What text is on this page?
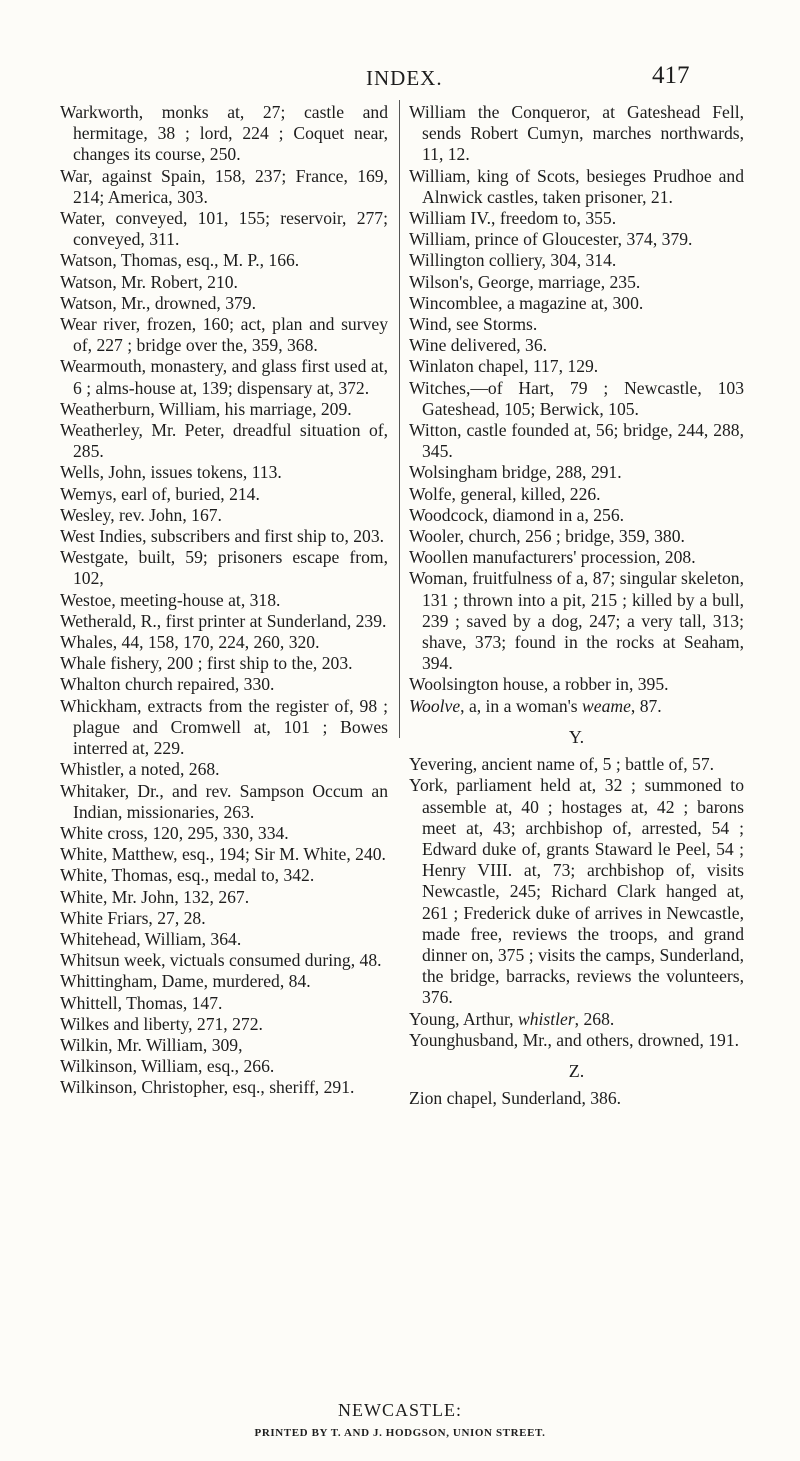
INDEX.	417
Warkworth, monks at, 27; castle and hermitage, 38 ; lord, 224 ; Coquet near, changes its course, 250.
War, against Spain, 158, 237; France, 169, 214; America, 303.
Water, conveyed, 101, 155; reservoir, 277; conveyed, 311.
Watson, Thomas, esq., M. P., 166.
Watson, Mr. Robert, 210.
Watson, Mr., drowned, 379.
Wear river, frozen, 160; act, plan and survey of, 227 ; bridge over the, 359, 368.
Wearmouth, monastery, and glass first used at, 6 ; alms-house at, 139; dispensary at, 372.
Weatherburn, William, his marriage, 209.
Weatherley, Mr. Peter, dreadful situation of, 285.
Wells, John, issues tokens, 113.
Wemys, earl of, buried, 214.
Wesley, rev. John, 167.
West Indies, subscribers and first ship to, 203.
Westgate, built, 59; prisoners escape from, 102,
Westoe, meeting-house at, 318.
Wetherald, R., first printer at Sunderland, 239.
Whales, 44, 158, 170, 224, 260, 320.
Whale fishery, 200 ; first ship to the, 203.
Whalton church repaired, 330.
Whickham, extracts from the register of, 98 ; plague and Cromwell at, 101 ; Bowes interred at, 229.
Whistler, a noted, 268.
Whitaker, Dr., and rev. Sampson Occum an Indian, missionaries, 263.
White cross, 120, 295, 330, 334.
White, Matthew, esq., 194; Sir M. White, 240.
White, Thomas, esq., medal to, 342.
White, Mr. John, 132, 267.
White Friars, 27, 28.
Whitehead, William, 364.
Whitsun week, victuals consumed during, 48.
Whittingham, Dame, murdered, 84.
Whittell, Thomas, 147.
Wilkes and liberty, 271, 272.
Wilkin, Mr. William, 309,
Wilkinson, William, esq., 266.
Wilkinson, Christopher, esq., sheriff, 291.
William the Conqueror, at Gateshead Fell, sends Robert Cumyn, marches northwards, 11, 12.
William, king of Scots, besieges Prudhoe and Alnwick castles, taken prisoner, 21.
William IV., freedom to, 355.
William, prince of Gloucester, 374, 379.
Willington colliery, 304, 314.
Wilson's, George, marriage, 235.
Wincomblee, a magazine at, 300.
Wind, see Storms.
Wine delivered, 36.
Winlaton chapel, 117, 129.
Witches,—of Hart, 79 ; Newcastle, 103 Gateshead, 105; Berwick, 105.
Witton, castle founded at, 56; bridge, 244, 288, 345.
Wolsingham bridge, 288, 291.
Wolfe, general, killed, 226.
Woodcock, diamond in a, 256.
Wooler, church, 256 ; bridge, 359, 380.
Woollen manufacturers' procession, 208.
Woman, fruitfulness of a, 87; singular skeleton, 131 ; thrown into a pit, 215 ; killed by a bull, 239 ; saved by a dog, 247; a very tall, 313; shave, 373; found in the rocks at Seaham, 394.
Woolsington house, a robber in, 395.
Woolve, a, in a woman's weame, 87.
Y.
Yevering, ancient name of, 5 ; battle of, 57.
York, parliament held at, 32 ; summoned to assemble at, 40 ; hostages at, 42 ; barons meet at, 43; archbishop of, arrested, 54 ; Edward duke of, grants Staward le Peel, 54 ; Henry VIII. at, 73; archbishop of, visits Newcastle, 245; Richard Clark hanged at, 261 ; Frederick duke of arrives in Newcastle, made free, reviews the troops, and grand dinner on, 375 ; visits the camps, Sunderland, the bridge, barracks, reviews the volunteers, 376.
Young, Arthur, whistler, 268.
Younghusband, Mr., and others, drowned, 191.
Z.
Zion chapel, Sunderland, 386.
NEWCASTLE:
PRINTED BY T. AND J. HODGSON, UNION STREET.
